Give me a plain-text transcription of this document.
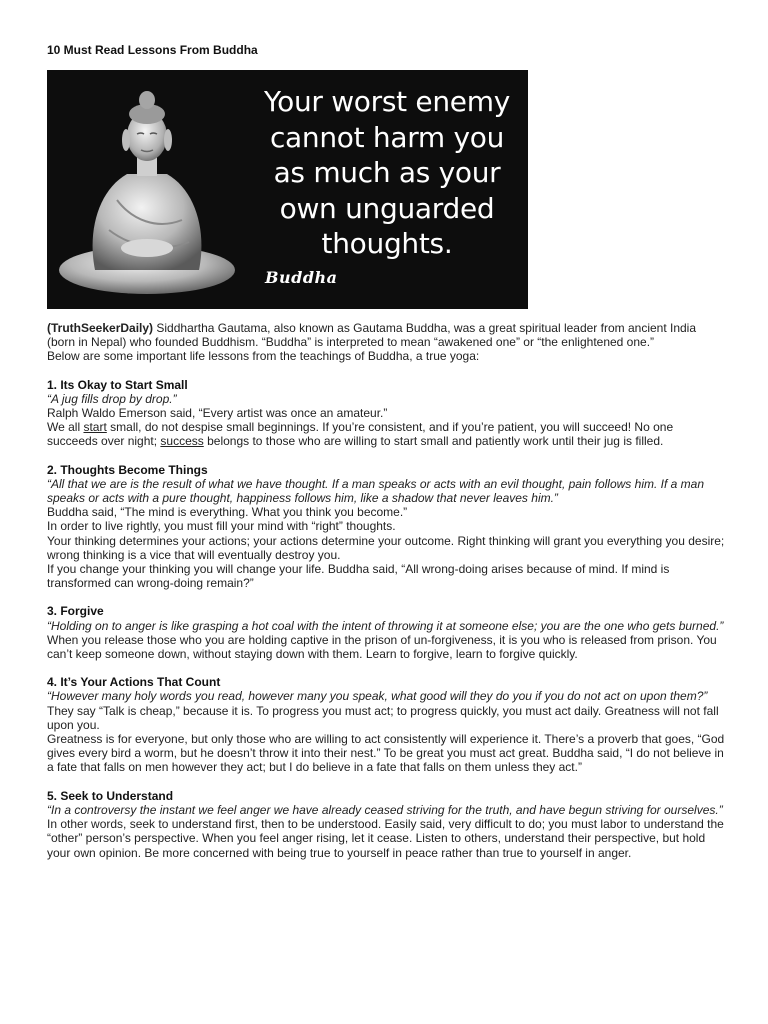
10 Must Read Lessons From Buddha
Your worst enemy
cannot harm you
as much as your
own unguarded
thoughts.
Buddha

(TruthSeekerDaily) Siddhartha Gautama, also known as Gautama Buddha, was a great spiritual leader from ancient India (born in Nepal) who founded Buddhism. “Buddha” is interpreted to mean “awakened one” or “the enlightened one.”

Below are some important life lessons from the teachings of Buddha, a true yoga:

1. Its Okay to Start Small

“A jug fills drop by drop.”

Ralph Waldo Emerson said, “Every artist was once an amateur.”

We all start small, do not despise small beginnings. If you’re consistent, and if you’re patient, you will succeed! No one succeeds over night; success belongs to those who are willing to start small and patiently work until their jug is filled.

2. Thoughts Become Things

“All that we are is the result of what we have thought. If a man speaks or acts with an evil thought, pain follows him. If a man speaks or acts with a pure thought, happiness follows him, like a shadow that never leaves him.”

Buddha said, “The mind is everything. What you think you become.”

In order to live rightly, you must fill your mind with “right” thoughts.

Your thinking determines your actions; your actions determine your outcome. Right thinking will grant you everything you desire; wrong thinking is a vice that will eventually destroy you.

If you change your thinking you will change your life. Buddha said, “All wrong-doing arises because of mind. If mind is transformed can wrong-doing remain?”

3. Forgive

“Holding on to anger is like grasping a hot coal with the intent of throwing it at someone else; you are the one who gets burned.”

When you release those who you are holding captive in the prison of un-forgiveness, it is you who is released from prison. You can’t keep someone down, without staying down with them. Learn to forgive, learn to forgive quickly.

4. It’s Your Actions That Count

“However many holy words you read, however many you speak, what good will they do you if you do not act on upon them?”

They say “Talk is cheap,” because it is. To progress you must act; to progress quickly, you must act daily. Greatness will not fall upon you.

Greatness is for everyone, but only those who are willing to act consistently will experience it. There’s a proverb that goes, “God gives every bird a worm, but he doesn’t throw it into their nest.” To be great you must act great. Buddha said, “I do not believe in a fate that falls on men however they act; but I do believe in a fate that falls on them unless they act.”

5. Seek to Understand

“In a controversy the instant we feel anger we have already ceased striving for the truth, and have begun striving for ourselves.”

In other words, seek to understand first, then to be understood. Easily said, very difficult to do; you must labor to understand the “other” person’s perspective. When you feel anger rising, let it cease. Listen to others, understand their perspective, but hold your own opinion. Be more concerned with being true to yourself in peace rather than true to yourself in anger.
